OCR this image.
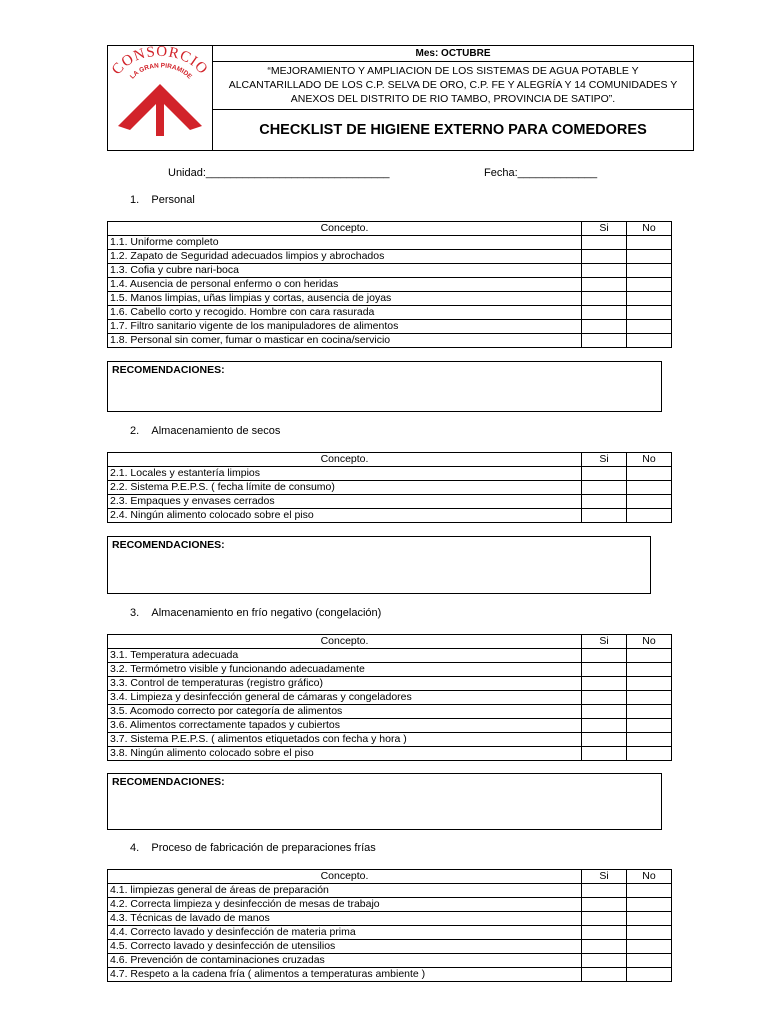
CONSORCIO
LA GRAN PIRAMIDE
Mes: OCTUBRE
“MEJORAMIENTO Y AMPLIACION DE LOS SISTEMAS DE AGUA POTABLE Y
ALCANTARILLADO DE LOS C.P. SELVA DE ORO, C.P. FE Y ALEGRÍA Y 14 COMUNIDADES Y
ANEXOS DEL DISTRITO DE RIO TAMBO, PROVINCIA DE SATIPO”.
CHECKLIST DE HIGIENE EXTERNO PARA COMEDORES
Unidad:______________________________	Fecha:_____________
1.    Personal
Concepto.	Si	No
1.1. Uniforme completo		
1.2. Zapato de Seguridad adecuados limpios y abrochados		
1.3. Cofia y cubre nari-boca		
1.4. Ausencia de personal enfermo o con heridas		
1.5. Manos limpias, uñas limpias y cortas, ausencia de joyas		
1.6. Cabello corto y recogido. Hombre con cara rasurada		
1.7. Filtro sanitario vigente de los manipuladores de alimentos		
1.8. Personal sin comer, fumar o masticar en cocina/servicio		
RECOMENDACIONES:
2.    Almacenamiento de secos
Concepto.	Si	No
2.1. Locales y estantería limpios		
2.2. Sistema P.E.P.S. ( fecha límite de consumo)		
2.3. Empaques y envases cerrados		
2.4. Ningún alimento colocado sobre el piso		
RECOMENDACIONES:
3.    Almacenamiento en frío negativo (congelación)
Concepto.	Si	No
3.1. Temperatura adecuada		
3.2. Termómetro visible y funcionando adecuadamente		
3.3. Control de temperaturas (registro gráfico)		
3.4. Limpieza y desinfección general de cámaras y congeladores		
3.5. Acomodo correcto por categoría de alimentos		
3.6. Alimentos correctamente tapados y cubiertos		
3.7. Sistema P.E.P.S. ( alimentos etiquetados con fecha y hora )		
3.8. Ningún alimento colocado sobre el piso		
RECOMENDACIONES:
4.    Proceso de fabricación de preparaciones frías
Concepto.	Si	No
4.1. limpiezas general de áreas de preparación		
4.2. Correcta limpieza y desinfección de mesas de trabajo		
4.3. Técnicas de lavado de manos		
4.4. Correcto lavado y desinfección de materia prima		
4.5. Correcto lavado y desinfección de utensilios		
4.6. Prevención de contaminaciones cruzadas		
4.7. Respeto a la cadena fría ( alimentos a temperaturas ambiente )		
